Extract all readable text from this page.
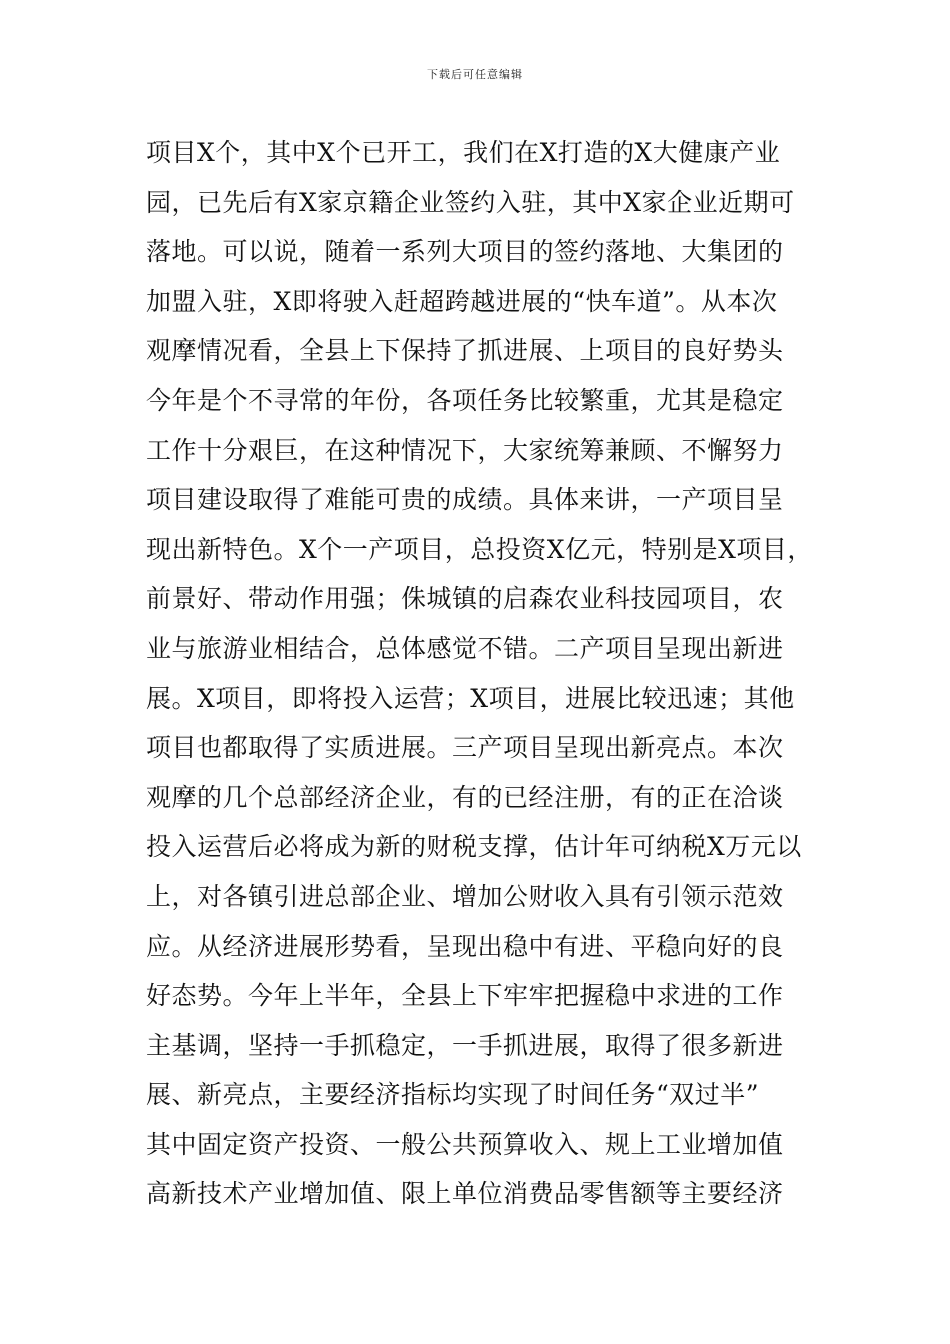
下载后可任意编辑
项目X个，其中X个已开工，我们在X打造的X大健康产业
园，已先后有X家京籍企业签约入驻，其中X家企业近期可
落地。可以说，随着一系列大项目的签约落地、大集团的
加盟入驻，X即将驶入赶超跨越进展的“快车道”。从本次
观摩情况看，全县上下保持了抓进展、上项目的良好势头
今年是个不寻常的年份，各项任务比较繁重，尤其是稳定
工作十分艰巨，在这种情况下，大家统筹兼顾、不懈努力
项目建设取得了难能可贵的成绩。具体来讲，一产项目呈
现出新特色。X个一产项目，总投资X亿元，特别是X项目，
前景好、带动作用强；侏城镇的启森农业科技园项目，农
业与旅游业相结合，总体感觉不错。二产项目呈现出新进
展。X项目，即将投入运营；X项目，进展比较迅速；其他
项目也都取得了实质进展。三产项目呈现出新亮点。本次
观摩的几个总部经济企业，有的已经注册，有的正在洽谈
投入运营后必将成为新的财税支撑，估计年可纳税X万元以
上，对各镇引进总部企业、增加公财收入具有引领示范效
应。从经济进展形势看，呈现出稳中有进、平稳向好的良
好态势。今年上半年，全县上下牢牢把握稳中求进的工作
主基调，坚持一手抓稳定，一手抓进展，取得了很多新进
展、新亮点，主要经济指标均实现了时间任务“双过半”
其中固定资产投资、一般公共预算收入、规上工业增加值
高新技术产业增加值、限上单位消费品零售额等主要经济
